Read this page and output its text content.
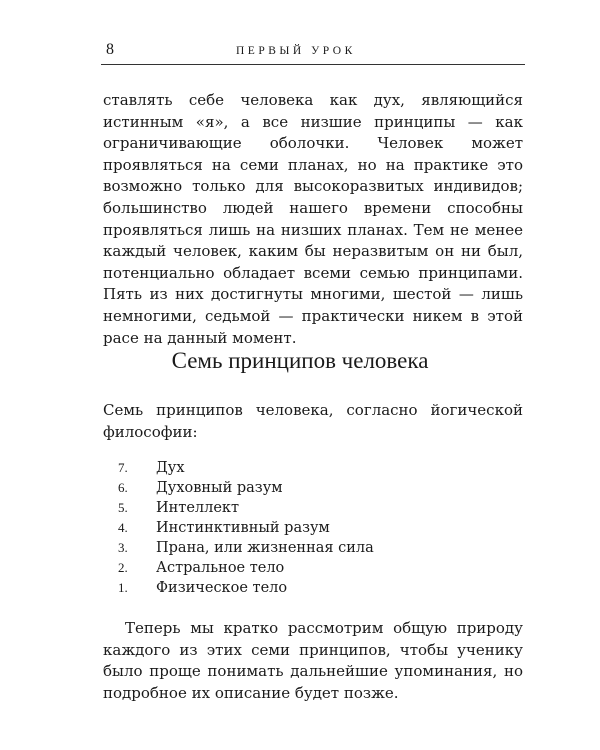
8	ПЕРВЫЙ УРОК

ставлять себе человека как дух, являющийся истинным «я», а все низшие принципы — как ограничивающие оболочки. Человек может проявляться на семи планах, но на практике это возможно только для высокоразвитых индивидов; большинство людей нашего времени способны проявляться лишь на низших планах. Тем не менее каждый человек, каким бы неразвитым он ни был, потенциально обладает всеми семью принципами. Пять из них достигнуты многими, шестой — лишь немногими, седьмой — практически никем в этой расе на данный момент.

Семь принципов человека

Семь принципов человека, согласно йогической философии:

7. Дух
6. Духовный разум
5. Интеллект
4. Инстинктивный разум
3. Прана, или жизненная сила
2. Астральное тело
1. Физическое тело

Теперь мы кратко рассмотрим общую природу каждого из этих семи принципов, чтобы ученику было проще понимать дальнейшие упоминания, но подробное их описание будет позже.
